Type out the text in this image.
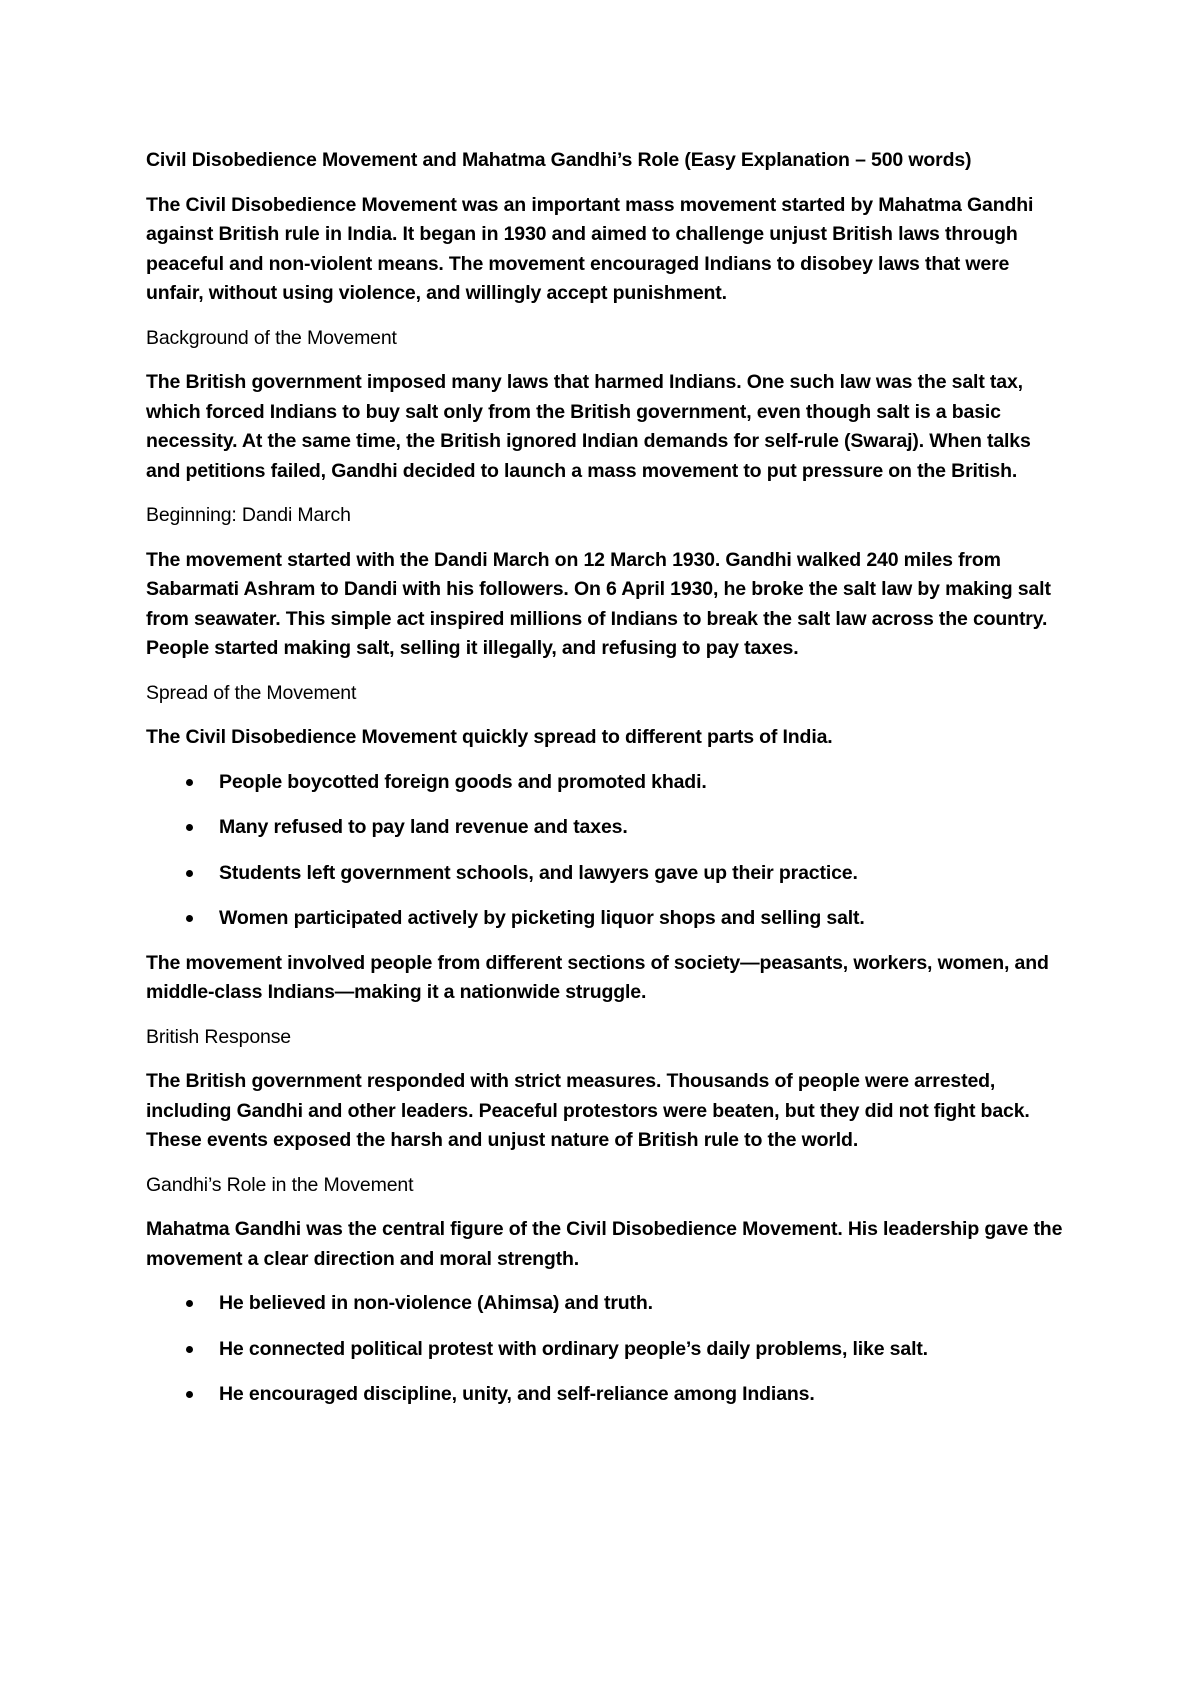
Civil Disobedience Movement and Mahatma Gandhi’s Role (Easy Explanation – 500 words)

The Civil Disobedience Movement was an important mass movement started by Mahatma Gandhi against British rule in India. It began in 1930 and aimed to challenge unjust British laws through peaceful and non-violent means. The movement encouraged Indians to disobey laws that were unfair, without using violence, and willingly accept punishment.

Background of the Movement

The British government imposed many laws that harmed Indians. One such law was the salt tax, which forced Indians to buy salt only from the British government, even though salt is a basic necessity. At the same time, the British ignored Indian demands for self-rule (Swaraj). When talks and petitions failed, Gandhi decided to launch a mass movement to put pressure on the British.

Beginning: Dandi March

The movement started with the Dandi March on 12 March 1930. Gandhi walked 240 miles from Sabarmati Ashram to Dandi with his followers. On 6 April 1930, he broke the salt law by making salt from seawater. This simple act inspired millions of Indians to break the salt law across the country. People started making salt, selling it illegally, and refusing to pay taxes.

Spread of the Movement

The Civil Disobedience Movement quickly spread to different parts of India.

People boycotted foreign goods and promoted khadi.
Many refused to pay land revenue and taxes.
Students left government schools, and lawyers gave up their practice.
Women participated actively by picketing liquor shops and selling salt.

The movement involved people from different sections of society—peasants, workers, women, and middle-class Indians—making it a nationwide struggle.

British Response

The British government responded with strict measures. Thousands of people were arrested, including Gandhi and other leaders. Peaceful protestors were beaten, but they did not fight back. These events exposed the harsh and unjust nature of British rule to the world.

Gandhi’s Role in the Movement

Mahatma Gandhi was the central figure of the Civil Disobedience Movement. His leadership gave the movement a clear direction and moral strength.

He believed in non-violence (Ahimsa) and truth.
He connected political protest with ordinary people’s daily problems, like salt.
He encouraged discipline, unity, and self-reliance among Indians.
